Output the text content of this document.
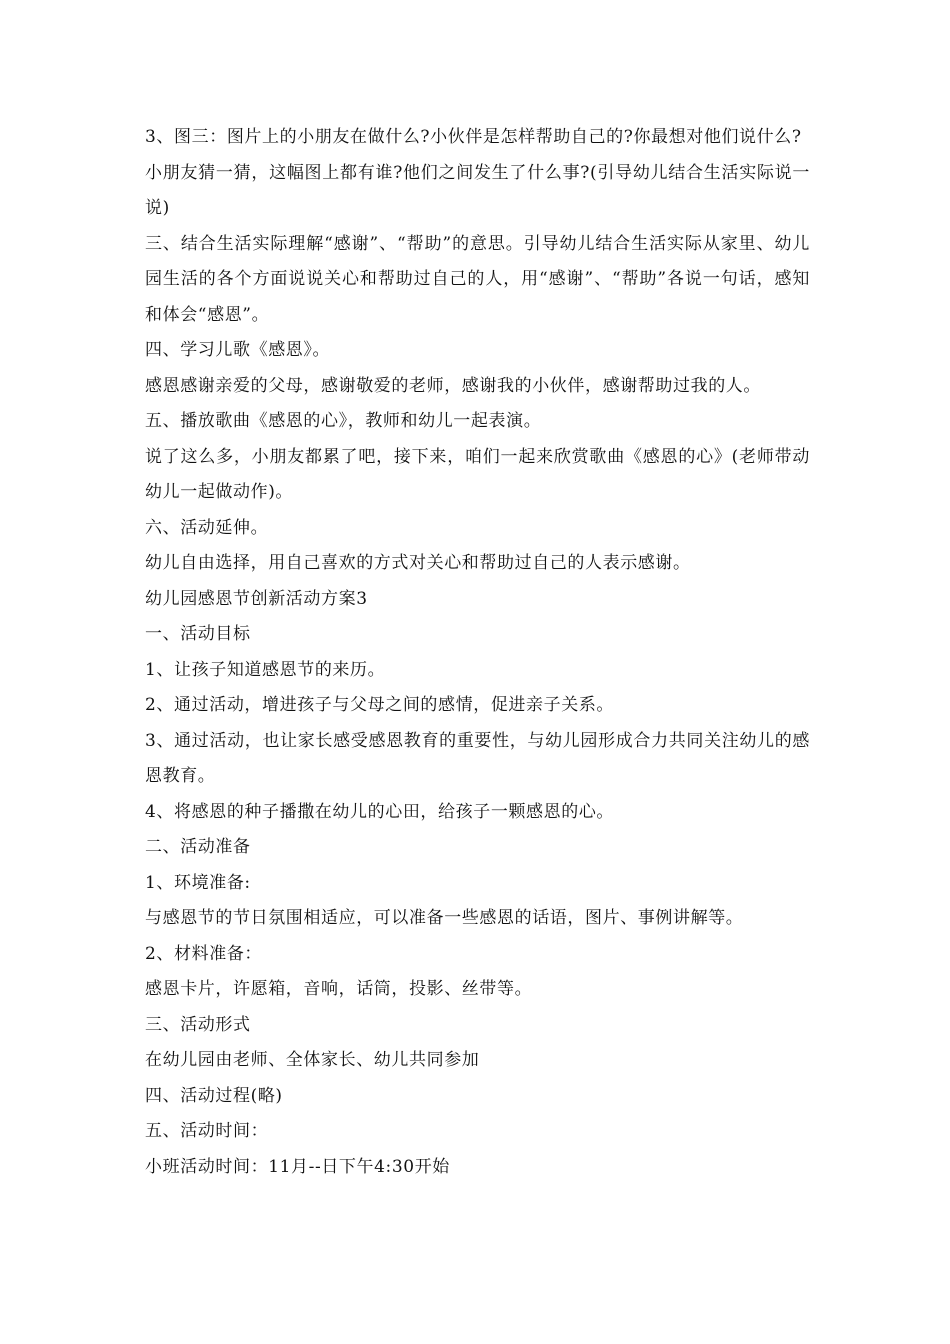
3、图三：图片上的小朋友在做什么?小伙伴是怎样帮助自己的?你最想对他们说什么?

小朋友猜一猜，这幅图上都有谁?他们之间发生了什么事?(引导幼儿结合生活实际说一说)

三、结合生活实际理解“感谢”、“帮助”的意思。引导幼儿结合生活实际从家里、幼儿园生活的各个方面说说关心和帮助过自己的人，用“感谢”、“帮助”各说一句话，感知和体会“感恩”。

四、学习儿歌《感恩》。

感恩感谢亲爱的父母，感谢敬爱的老师，感谢我的小伙伴，感谢帮助过我的人。

五、播放歌曲《感恩的心》，教师和幼儿一起表演。

说了这么多，小朋友都累了吧，接下来，咱们一起来欣赏歌曲《感恩的心》(老师带动幼儿一起做动作)。

六、活动延伸。

幼儿自由选择，用自己喜欢的方式对关心和帮助过自己的人表示感谢。

幼儿园感恩节创新活动方案3

一、活动目标

1、让孩子知道感恩节的来历。

2、通过活动，增进孩子与父母之间的感情，促进亲子关系。

3、通过活动，也让家长感受感恩教育的重要性，与幼儿园形成合力共同关注幼儿的感恩教育。

4、将感恩的种子播撒在幼儿的心田，给孩子一颗感恩的心。

二、活动准备

1、环境准备:

与感恩节的节日氛围相适应，可以准备一些感恩的话语，图片、事例讲解等。

2、材料准备：

感恩卡片，许愿箱，音响，话筒，投影、丝带等。

三、活动形式

在幼儿园由老师、全体家长、幼儿共同参加

四、活动过程(略)

五、活动时间：

小班活动时间：11月--日下午4:30开始
